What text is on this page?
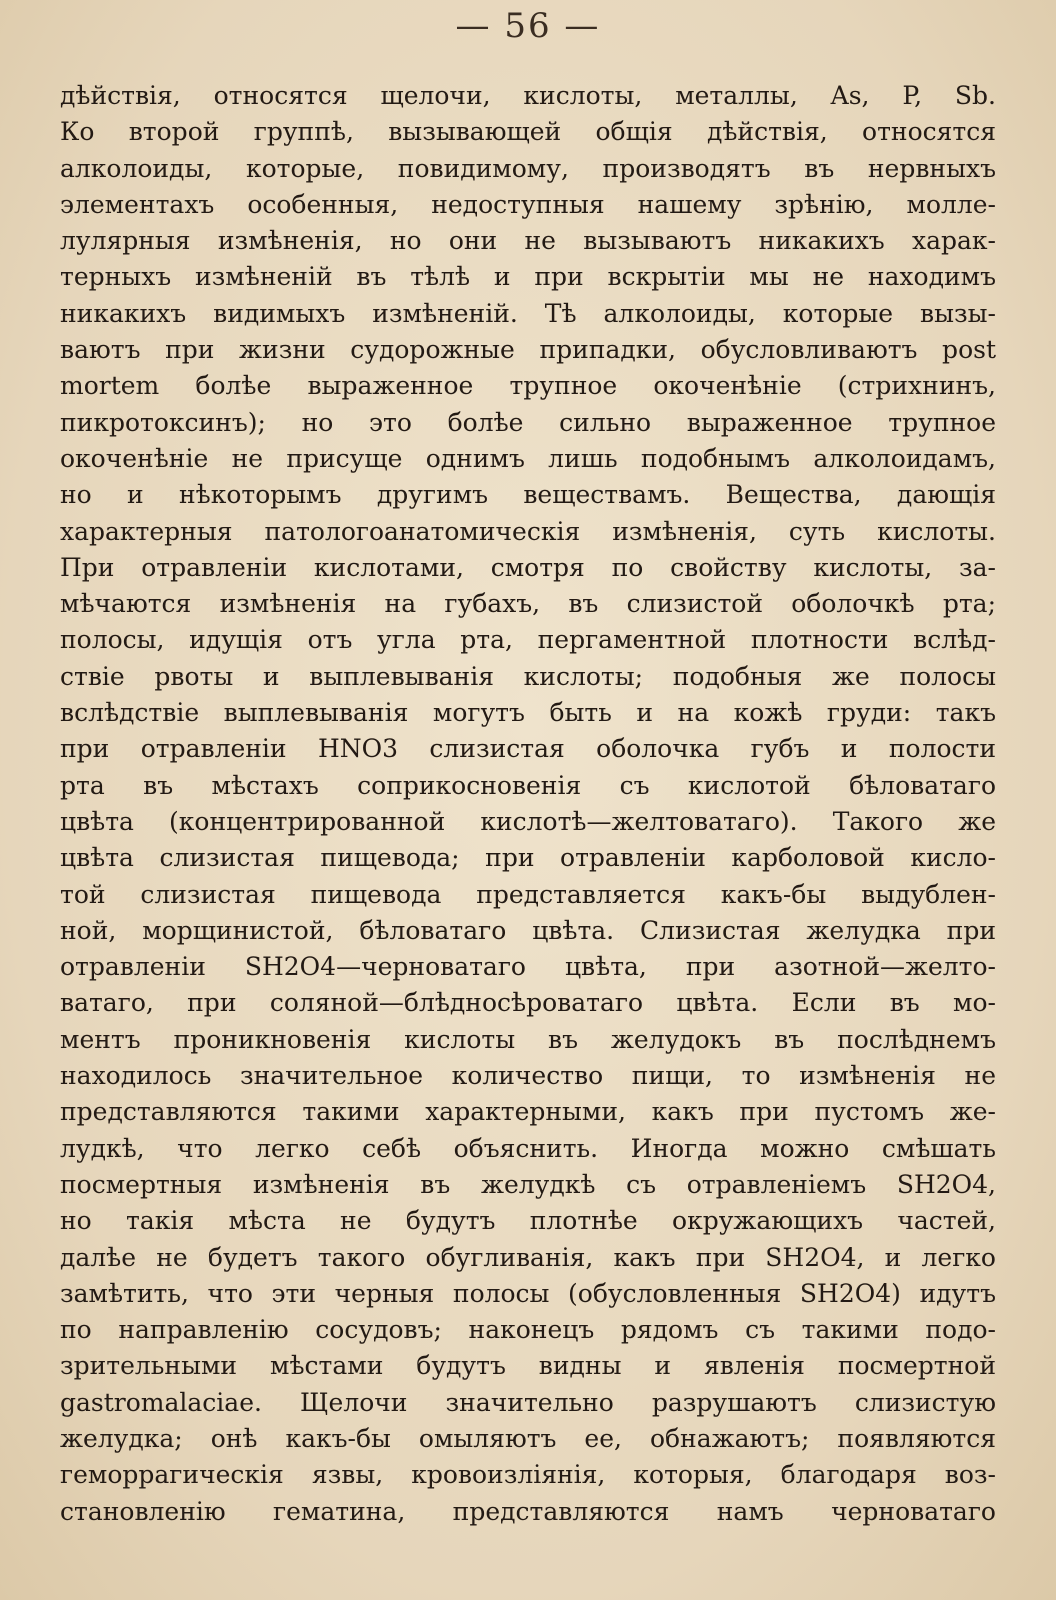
— 56 —
дѣйствія, относятся щелочи, кислоты, металлы, As, P, Sb.
Ко второй группѣ, вызывающей общія дѣйствія, относятся
алколоиды, которые, повидимому, производятъ въ нервныхъ
элементахъ особенныя, недоступныя нашему зрѣнію, молле-
лулярныя измѣненія, но они не вызываютъ никакихъ харак-
терныхъ измѣненій въ тѣлѣ и при вскрытіи мы не находимъ
никакихъ видимыхъ измѣненій. Тѣ алколоиды, которые вызы-
ваютъ при жизни судорожные припадки, обусловливаютъ post
mortem болѣе выраженное трупное окоченѣніе (стрихнинъ,
пикротоксинъ); но это болѣе сильно выраженное трупное
окоченѣніе не присуще однимъ лишь подобнымъ алколоидамъ,
но и нѣкоторымъ другимъ веществамъ. Вещества, дающія
характерныя патологоанатомическія измѣненія, суть кислоты.
При отравленіи кислотами, смотря по свойству кислоты, за-
мѣчаются измѣненія на губахъ, въ слизистой оболочкѣ рта;
полосы, идущія отъ угла рта, пергаментной плотности вслѣд-
ствіе рвоты и выплевыванія кислоты; подобныя же полосы
вслѣдствіе выплевыванія могутъ быть и на кожѣ груди: такъ
при отравленіи HNO3 слизистая оболочка губъ и полости
рта въ мѣстахъ соприкосновенія съ кислотой бѣловатаго
цвѣта (концентрированной кислотѣ—желтоватаго). Такого же
цвѣта слизистая пищевода; при отравленіи карболовой кисло-
той слизистая пищевода представляется какъ-бы выдублен-
ной, морщинистой, бѣловатаго цвѣта. Слизистая желудка при
отравленіи SH2O4—черноватаго цвѣта, при азотной—желто-
ватаго, при соляной—блѣдносѣроватаго цвѣта. Если въ мо-
ментъ проникновенія кислоты въ желудокъ въ послѣднемъ
находилось значительное количество пищи, то измѣненія не
представляются такими характерными, какъ при пустомъ же-
лудкѣ, что легко себѣ объяснить. Иногда можно смѣшать
посмертныя измѣненія въ желудкѣ съ отравленіемъ SH2O4,
но такія мѣста не будутъ плотнѣе окружающихъ частей,
далѣе не будетъ такого обугливанія, какъ при SH2O4, и легко
замѣтить, что эти черныя полосы (обусловленныя SH2O4) идутъ
по направленію сосудовъ; наконецъ рядомъ съ такими подо-
зрительными мѣстами будутъ видны и явленія посмертной
gastromalaciae. Щелочи значительно разрушаютъ слизистую
желудка; онѣ какъ-бы омыляютъ ее, обнажаютъ; появляются
геморрагическія язвы, кровоизліянія, которыя, благодаря воз-
становленію гематина, представляются намъ черноватаго
